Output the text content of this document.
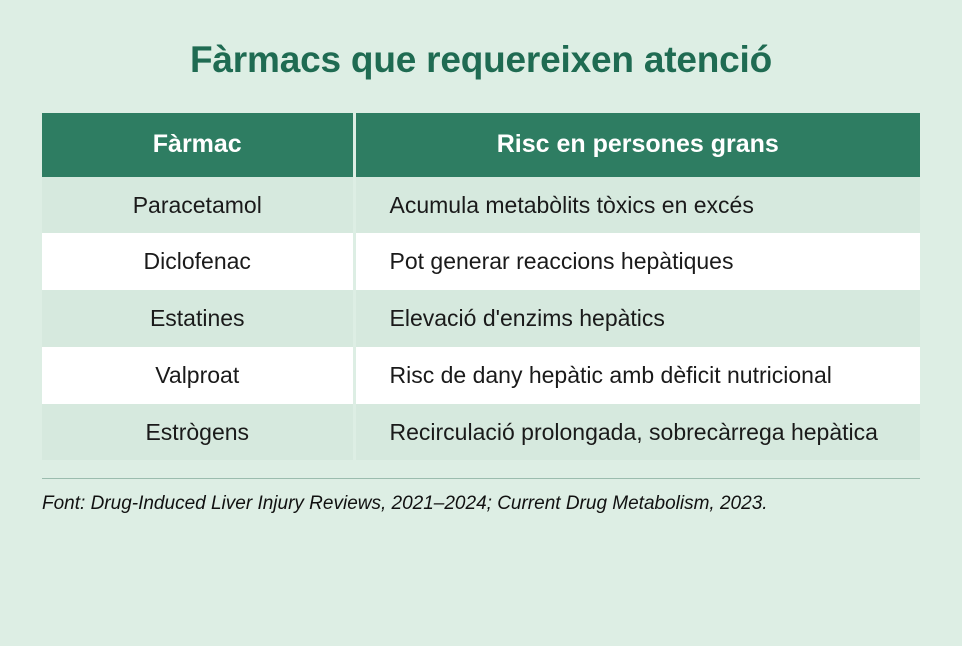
Fàrmacs que requereixen atenció
Fàrmac	Risc en persones grans
Paracetamol	Acumula metabòlits tòxics en excés
Diclofenac	Pot generar reaccions hepàtiques
Estatines	Elevació d'enzims hepàtics
Valproat	Risc de dany hepàtic amb dèficit nutricional
Estrògens	Recirculació prolongada, sobrecàrrega hepàtica
Font: Drug-Induced Liver Injury Reviews, 2021–2024; Current Drug Metabolism, 2023.
